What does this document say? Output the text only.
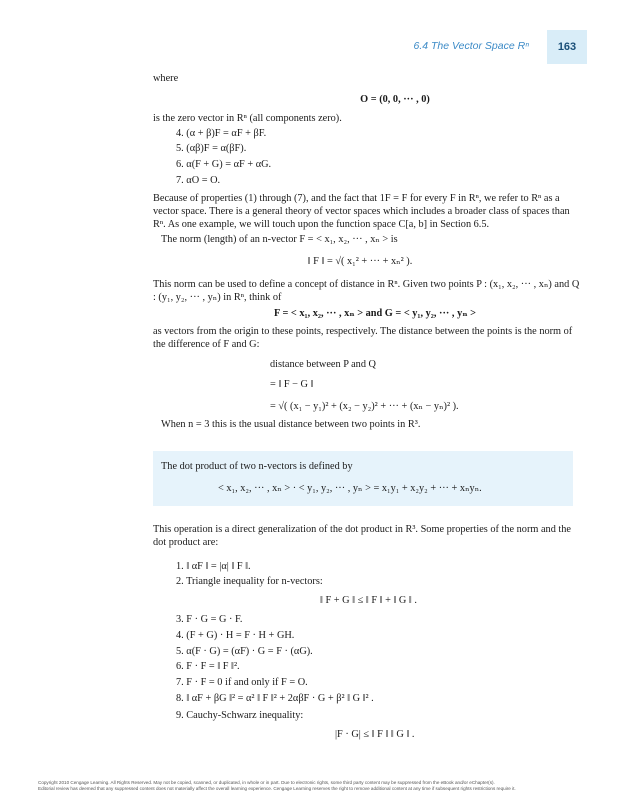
6.4 The Vector Space Rⁿ	163
where
O = (0, 0, ··· , 0)
is the zero vector in Rⁿ (all components zero).
4. (α + β)F = αF + βF.
5. (αβ)F = α(βF).
6. α(F + G) = αF + αG.
7. αO = O.
Because of properties (1) through (7), and the fact that 1F = F for every F in Rⁿ, we refer to Rⁿ as a vector space. There is a general theory of vector spaces which includes a broader class of spaces than Rⁿ. As one example, we will touch upon the function space C[a, b] in Section 6.5.
The norm (length) of an n-vector F = < x₁, x₂, ··· , xₙ > is
‖ F ‖ = √( x₁² + ··· + xₙ² ).
This norm can be used to define a concept of distance in Rⁿ. Given two points P : (x₁, x₂, ··· , xₙ) and Q : (y₁, y₂, ··· , yₙ) in Rⁿ, think of
F = < x₁, x₂, ··· , xₙ > and G = < y₁, y₂, ··· , yₙ >
as vectors from the origin to these points, respectively. The distance between the points is the norm of the difference of F and G:
distance between P and Q
= ‖ F − G ‖
= √( (x₁ − y₁)² + (x₂ − y₂)² + ··· + (xₙ − yₙ)² ).
When n = 3 this is the usual distance between two points in R³.
The dot product of two n-vectors is defined by
< x₁, x₂, ··· , xₙ > · < y₁, y₂, ··· , yₙ > = x₁y₁ + x₂y₂ + ··· + xₙyₙ.
This operation is a direct generalization of the dot product in R³. Some properties of the norm and the dot product are:
1. ‖ αF ‖ = |α| ‖ F ‖.
2. Triangle inequality for n-vectors:
‖ F + G ‖ ≤ ‖ F ‖ + ‖ G ‖ .
3. F · G = G · F.
4. (F + G) · H = F · H + GH.
5. α(F · G) = (αF) · G = F · (αG).
6. F · F = ‖ F ‖².
7. F · F = 0 if and only if F = O.
8. ‖ αF + βG ‖² = α² ‖ F ‖² + 2αβF · G + β² ‖ G ‖² .
9. Cauchy-Schwarz inequality:
|F · G| ≤ ‖ F ‖ ‖ G ‖ .
Copyright 2010 Cengage Learning. All Rights Reserved. May not be copied, scanned, or duplicated, in whole or in part. Due to electronic rights, some third party content may be suppressed from the eBook and/or eChapter(s).
Editorial review has deemed that any suppressed content does not materially affect the overall learning experience. Cengage Learning reserves the right to remove additional content at any time if subsequent rights restrictions require it.
